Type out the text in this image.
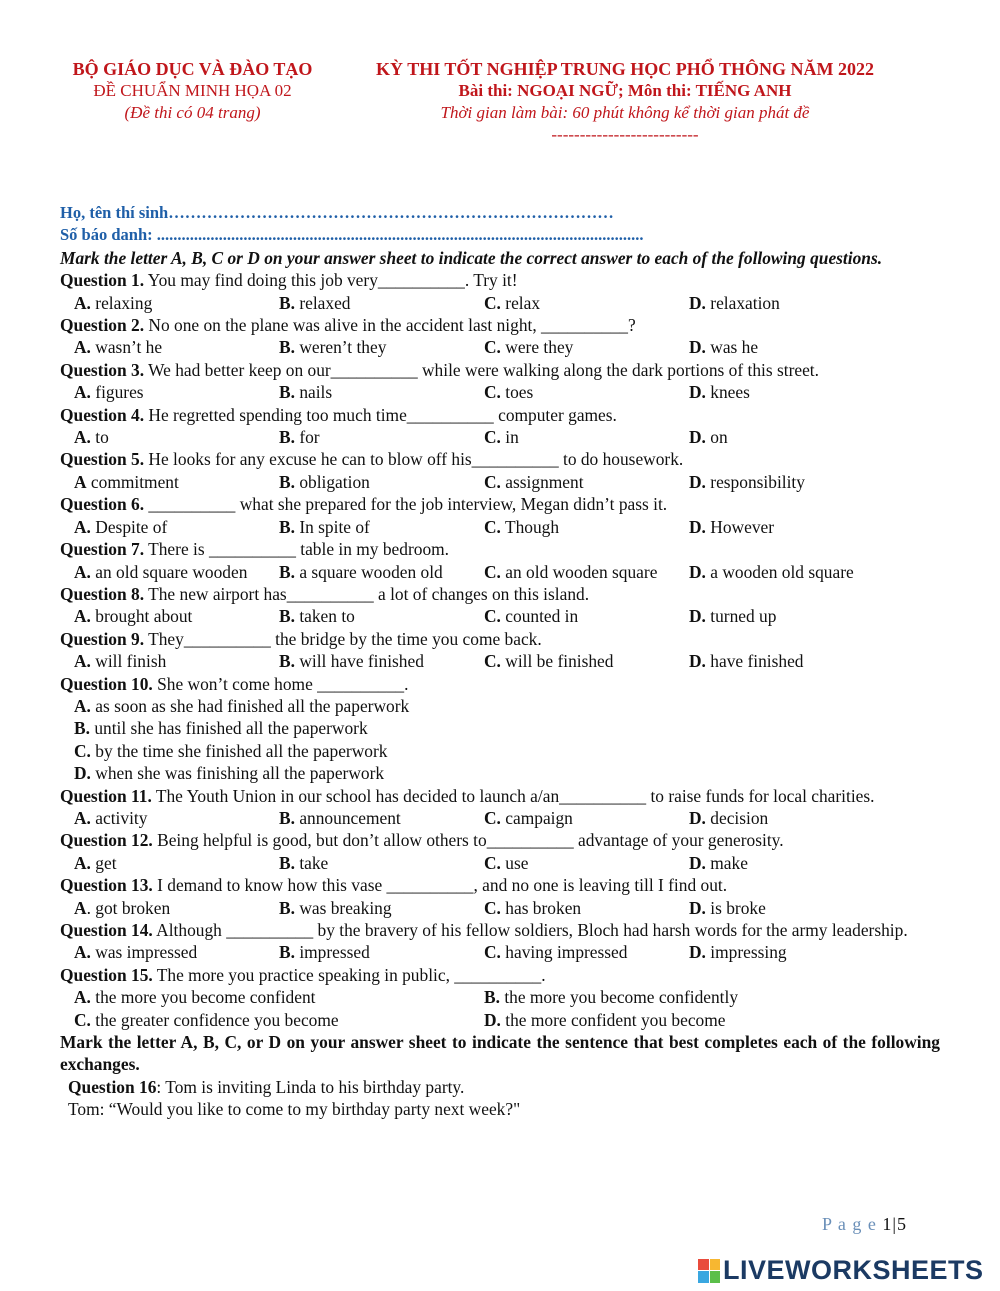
BỘ GIÁO DỤC VÀ ĐÀO TẠO
ĐỀ CHUẨN MINH HỌA 02
(Đề thi có 04 trang)
KỲ THI TỐT NGHIỆP TRUNG HỌC PHỔ THÔNG NĂM 2022
Bài thi: NGOẠI NGỮ; Môn thi: TIẾNG ANH
Thời gian làm bài: 60 phút không kể thời gian phát đề
--------------------------
Họ, tên thí sinh………………………………………………………………………
Số báo danh: ......................................................................................................................
Mark the letter A, B, C or D on your answer sheet to indicate the correct answer to each of the following questions.
Question 1. You may find doing this job very__________. Try it!
A. relaxing	B. relaxed	C. relax	D. relaxation
Question 2. No one on the plane was alive in the accident last night, __________?
A. wasn’t he	B. weren’t they	C. were they	D. was he
Question 3. We had better keep on our__________ while were walking along the dark portions of this street.
A. figures	B. nails	C. toes	D. knees
Question 4. He regretted spending too much time__________ computer games.
A. to	B. for	C. in	D. on
Question 5. He looks for any excuse he can to blow off his__________ to do housework.
A commitment	B. obligation	C. assignment	D. responsibility
Question 6. __________ what she prepared for the job interview, Megan didn’t pass it.
A. Despite of	B. In spite of	C. Though	D. However
Question 7. There is __________ table in my bedroom.
A. an old square wooden	B. a square wooden old	C. an old wooden square	D. a wooden old square
Question 8. The new airport has__________ a lot of changes on this island.
A. brought about	B. taken to	C. counted in	D. turned up
Question 9. They__________ the bridge by the time you come back.
A. will finish	B. will have finished	C. will be finished	D. have finished
Question 10. She won’t come home __________.
A. as soon as she had finished all the paperwork
B. until she has finished all the paperwork
C. by the time she finished all the paperwork
D. when she was finishing all the paperwork
Question 11. The Youth Union in our school has decided to launch a/an__________ to raise funds for local charities.
A. activity	B. announcement	C. campaign	D. decision
Question 12. Being helpful is good, but don’t allow others to__________ advantage of your generosity.
A. get	B. take	C. use	D. make
Question 13. I demand to know how this vase __________, and no one is leaving till I find out.
A. got broken	B. was breaking	C. has broken	D. is broke
Question 14. Although __________ by the bravery of his fellow soldiers, Bloch had harsh words for the army leadership.
A. was impressed	B. impressed	C. having impressed	D. impressing
Question 15. The more you practice speaking in public, __________.
A. the more you become confident	B. the more you become confidently
C. the greater confidence you become	D. the more confident you become
Mark the letter A, B, C, or D on your answer sheet to indicate the sentence that best completes each of the following exchanges.
Question 16: Tom is inviting Linda to his birthday party.
Tom: “Would you like to come to my birthday party next week?"
P a g e 1|5
LIVEWORKSHEETS
